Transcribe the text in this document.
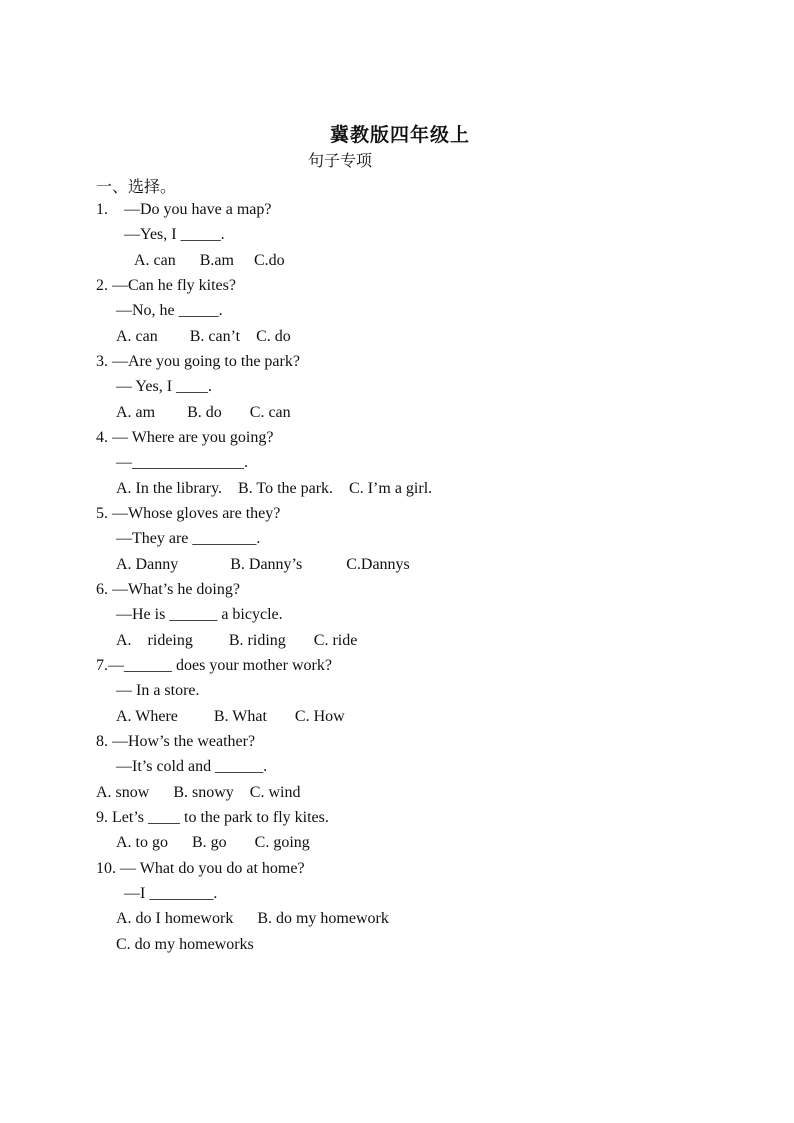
冀教版四年级上
句子专项
一、选择。
1.    —Do you have a map?
—Yes, I _____.
A. can      B.am     C.do
2. —Can he fly kites?
—No, he _____.
A. can        B. can’t    C. do
3. —Are you going to the park?
— Yes, I ____.
A. am        B. do       C. can
4. — Where are you going?
—______________.
A. In the library.    B. To the park.    C. I’m a girl.
5. —Whose gloves are they?
—They are ________.
A. Danny             B. Danny’s           C.Dannys
6. —What’s he doing?
—He is ______ a bicycle.
A.    rideing         B. riding       C. ride
7.—______ does your mother work?
— In a store.
A. Where         B. What       C. How
8. —How’s the weather?
—It’s cold and ______.
A. snow      B. snowy    C. wind
9. Let’s ____ to the park to fly kites.
A. to go      B. go       C. going
10. — What do you do at home?
—I ________.
A. do I homework      B. do my homework
C. do my homeworks
